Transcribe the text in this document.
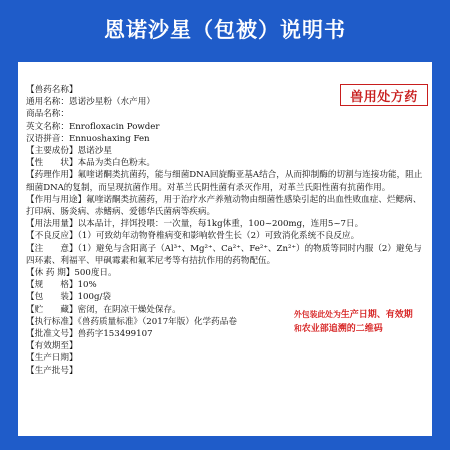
恩诺沙星（包被）说明书
兽用处方药
【兽药名称】
通用名称：恩诺沙星粉（水产用）
商品名称：
英文名称：Enrofloxacin Powder
汉语拼音：Ennuoshaxing Fen
【主要成份】恩诺沙星
【性　　状】本品为类白色粉末。
【药理作用】氟喹诺酮类抗菌药，能与细菌DNA回旋酶亚基A结合，从而抑制酶的切割与连接功能，阻止细菌DNA的复制，而呈现抗菌作用。对革兰氏阴性菌有杀灭作用，对革兰氏阳性菌有抗菌作用。
【作用与用途】氟喹诺酮类抗菌药，用于治疗水产养殖动物由细菌性感染引起的出血性败血症、烂鳃病、打印病、肠炎病、赤鳍病、爱德华氏菌病等疾病。
【用法用量】以本品计，拌饵投喂：一次量，每1kg体重，100~200mg，连用5~7日。
【不良反应】（1）可致幼年动物脊椎病变和影响软骨生长（2）可致消化系统不良反应。
【注　　意】（1）避免与含阳离子（Al³⁺、Mg²⁺、Ca²⁺、Fe²⁺、Zn²⁺）的物质等同时内服（2）避免与四环素、利福平、甲砜霉素和氟苯尼考等有拮抗作用的药物配伍。
【休 药 期】500度日。
【规　　格】10%
【包　　装】100g/袋
【贮　　藏】密闭，在阴凉干燥处保存。
【执行标准】《兽药质量标准》（2017年版）化学药品卷
【批准文号】兽药字153499107
【有效期至】
【生产日期】
【生产批号】
外包装此处为生产日期、有效期
和农业部追溯的二维码
